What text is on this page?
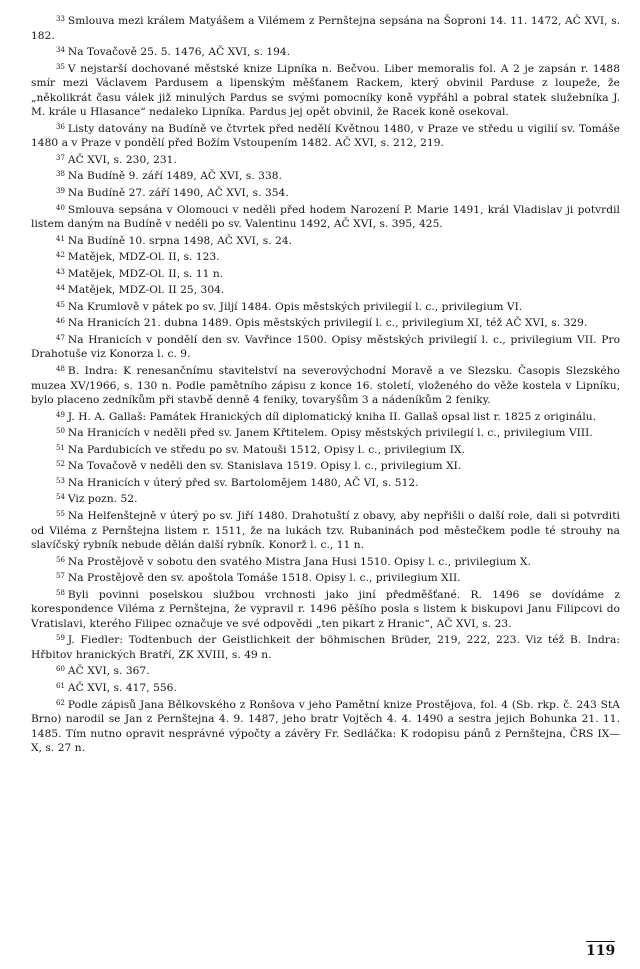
$^{33}$ Smlouva mezi králem Matyášem a Vilémem z Pernštejna sepsána na Šoproni 14. 11. 1472, AČ XVI, s. 182.

$^{34}$ Na Tovačově 25. 5. 1476, AČ XVI, s. 194.

$^{35}$ V nejstarší dochované městské knize Lipníka n. Bečvou. Liber memoralis fol. A 2 je zapsán r. 1488 smír mezi Václavem Pardusem a lipenským měšťanem Rackem, který obvinil Parduse z loupeže, že „několikrát času válek již minulých Pardus se svými pomocníky koně vypřáhl a pobral statek služebníka J. M. krále u Hlasance“ nedaleko Lipníka. Pardus jej opět obvinil, že Racek koně osekoval.

$^{36}$ Listy datovány na Budíně ve čtvrtek před nedělí Květnou 1480, v Praze ve středu u vigilií sv. Tomáše 1480 a v Praze v pondělí před Božím Vstoupením 1482. AČ XVI, s. 212, 219.

$^{37}$ AČ XVI, s. 230, 231.

$^{38}$ Na Budíně 9. září 1489, AČ XVI, s. 338.

$^{39}$ Na Budíně 27. září 1490, AČ XVI, s. 354.

$^{40}$ Smlouva sepsána v Olomouci v neděli před hodem Narození P. Marie 1491, král Vladislav ji potvrdil listem daným na Budíně v neděli po sv. Valentinu 1492, AČ XVI, s. 395, 425.

$^{41}$ Na Budíně 10. srpna 1498, AČ XVI, s. 24.

$^{42}$ Matějek, MDZ-Ol. II, s. 123.

$^{43}$ Matějek, MDZ-Ol. II, s. 11 n.

$^{44}$ Matějek, MDZ-Ol. II 25, 304.

$^{45}$ Na Krumlově v pátek po sv. Jiljí 1484. Opis městských privilegií l. c., privilegium VI.

$^{46}$ Na Hranicích 21. dubna 1489. Opis městských privilegií l. c., privilegium XI, též AČ XVI, s. 329.

$^{47}$ Na Hranicích v pondělí den sv. Vavřince 1500. Opisy městských privilegií l. c., privilegium VII. Pro Drahotuše viz Konorza l. c. 9.

$^{48}$ B. Indra: K renesančnímu stavitelství na severovýchodní Moravě a ve Slezsku. Časopis Slezského muzea XV/1966, s. 130 n. Podle pamětního zápisu z konce 16. století, vloženého do věže kostela v Lipníku, bylo placeno zedníkům při stavbě denně 4 feniky, tovaryšům 3 a nádeníkům 2 feniky.

$^{49}$ J. H. A. Gallaš: Památek Hranických díl diplomatický kniha II. Gallaš opsal list r. 1825 z originálu.

$^{50}$ Na Hranicích v neděli před sv. Janem Křtitelem. Opisy městských privilegií l. c., privilegium VIII.

$^{51}$ Na Pardubicích ve středu po sv. Matouši 1512, Opisy l. c., privilegium IX.

$^{52}$ Na Tovačově v neděli den sv. Stanislava 1519. Opisy l. c., privilegium XI.

$^{53}$ Na Hranicích v úterý před sv. Bartolomějem 1480, AČ VI, s. 512.

$^{54}$ Viz pozn. 52.

$^{55}$ Na Helfenštejně v úterý po sv. Jiří 1480. Drahotuští z obavy, aby nepřišli o další role, dali si potvrditi od Viléma z Pernštejna listem r. 1511, že na lukách tzv. Rubaninách pod městečkem podle té strouhy na slavíčský rybník nebude dělán další rybník. Konorž l. c., 11 n.

$^{56}$ Na Prostějově v sobotu den svatého Mistra Jana Husi 1510. Opisy l. c., privilegium X.

$^{57}$ Na Prostějově den sv. apoštola Tomáše 1518. Opisy l. c., privilegium XII.

$^{58}$ Byli povinni poselskou službou vrchnosti jako jiní předměšťané. R. 1496 se dovídáme z korespondence Viléma z Pernštejna, že vypravil r. 1496 pěšího posla s listem k biskupovi Janu Filipcovi do Vratislavi, kterého Filipec označuje ve své odpovědi „ten pikart z Hranic“, AČ XVI, s. 23.

$^{59}$ J. Fiedler: Todtenbuch der Geistlichkeit der böhmischen Brüder, 219, 222, 223. Viz též B. Indra: Hřbitov hranických Bratří, ZK XVIII, s. 49 n.

$^{60}$ AČ XVI, s. 367.

$^{61}$ AČ XVI, s. 417, 556.

$^{62}$ Podle zápisů Jana Bělkovského z Ronšova v jeho Pamětní knize Prostějova, fol. 4 (Sb. rkp. č. 243 StA Brno) narodil se Jan z Pernštejna 4. 9. 1487, jeho bratr Vojtěch 4. 4. 1490 a sestra jejich Bohunka 21. 11. 1485. Tím nutno opravit nesprávné výpočty a závěry Fr. Sedláčka: K rodopisu pánů z Pernštejna, ČRS IX—X, s. 27 n.

119
